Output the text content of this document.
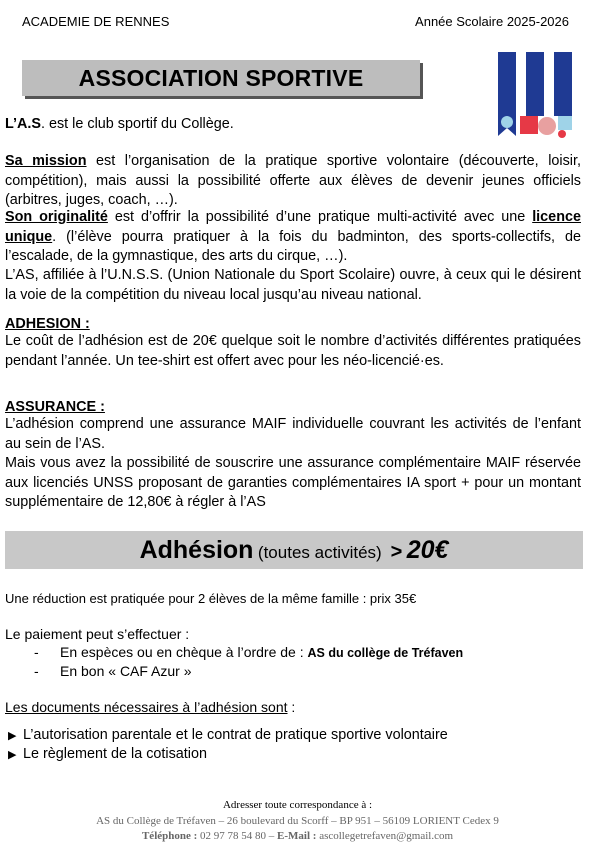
ACADEMIE DE RENNES	Année Scolaire 2025-2026
ASSOCIATION SPORTIVE
L’A.S. est le club sportif du Collège.
Sa mission est l’organisation de la pratique sportive volontaire (découverte, loisir, compétition), mais aussi la possibilité offerte aux élèves de devenir jeunes officiels (arbitres, juges, coach, …).
Son originalité est d’offrir la possibilité d’une pratique multi-activité avec une licence unique. (l’élève pourra pratiquer à la fois du badminton, des sports-collectifs, de l’escalade, de la gymnastique, des arts du cirque, …).
L’AS, affiliée à l’U.N.S.S. (Union Nationale du Sport Scolaire) ouvre, à ceux qui le désirent la voie de la compétition du niveau local jusqu’au niveau national.
ADHESION :
Le coût de l’adhésion est de 20€ quelque soit le nombre d’activités différentes pratiquées pendant l’année. Un tee-shirt est offert avec pour les néo-licencié·es.
ASSURANCE :
L’adhésion comprend une assurance MAIF individuelle couvrant les activités de l’enfant au sein de l’AS.
Mais vous avez la possibilité de souscrire une assurance complémentaire MAIF réservée aux licenciés UNSS proposant de garanties complémentaires IA sport + pour un montant supplémentaire de 12,80€ à régler à l’AS
Adhésion (toutes activités) > 20€
Une réduction est pratiquée pour 2 élèves de la même famille : prix 35€
Le paiement peut s’effectuer :
- En espèces ou en chèque à l’ordre de : AS du collège de Tréfaven
- En bon « CAF Azur »
Les documents nécessaires à l’adhésion sont :
▶ L’autorisation parentale et le contrat de pratique sportive volontaire
▶ Le règlement de la cotisation
Adresser toute correspondance à :
AS du Collège de Tréfaven – 26 boulevard du Scorff – BP 951 – 56109 LORIENT Cedex 9
Téléphone : 02 97 78 54 80 – E-Mail : ascollegetrefaven@gmail.com
